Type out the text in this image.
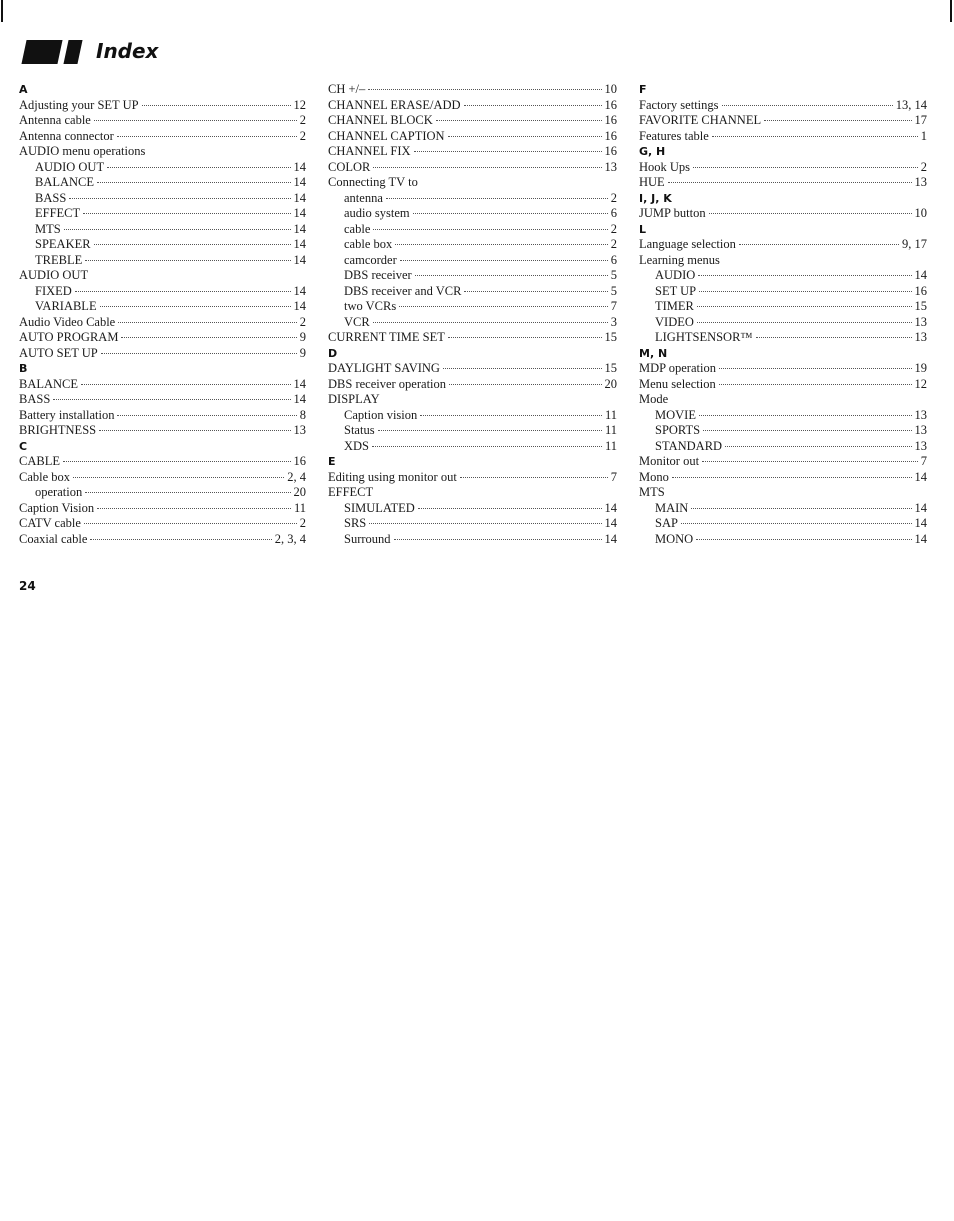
Index
A
Adjusting your SET UP	12
Antenna cable	2
Antenna connector	2
AUDIO menu operations
AUDIO OUT	14
BALANCE	14
BASS	14
EFFECT	14
MTS	14
SPEAKER	14
TREBLE	14
AUDIO OUT
FIXED	14
VARIABLE	14
Audio Video Cable	2
AUTO PROGRAM	9
AUTO SET UP	9
B
BALANCE	14
BASS	14
Battery installation	8
BRIGHTNESS	13
C
CABLE	16
Cable box	2, 4
operation	20
Caption Vision	11
CATV cable	2
Coaxial cable	2, 3, 4
CH +/–	10
CHANNEL ERASE/ADD	16
CHANNEL BLOCK	16
CHANNEL CAPTION	16
CHANNEL FIX	16
COLOR	13
Connecting TV to
antenna	2
audio system	6
cable	2
cable box	2
camcorder	6
DBS receiver	5
DBS receiver and VCR	5
two VCRs	7
VCR	3
CURRENT TIME SET	15
D
DAYLIGHT SAVING	15
DBS receiver operation	20
DISPLAY
Caption vision	11
Status	11
XDS	11
E
Editing using monitor out	7
EFFECT
SIMULATED	14
SRS	14
Surround	14
F
Factory settings	13, 14
FAVORITE CHANNEL	17
Features table	1
G, H
Hook Ups	2
HUE	13
I, J, K
JUMP button	10
L
Language selection	9, 17
Learning menus
AUDIO	14
SET UP	16
TIMER	15
VIDEO	13
LIGHTSENSOR™	13
M, N
MDP operation	19
Menu selection	12
Mode
MOVIE	13
SPORTS	13
STANDARD	13
Monitor out	7
Mono	14
MTS
MAIN	14
SAP	14
MONO	14
24
